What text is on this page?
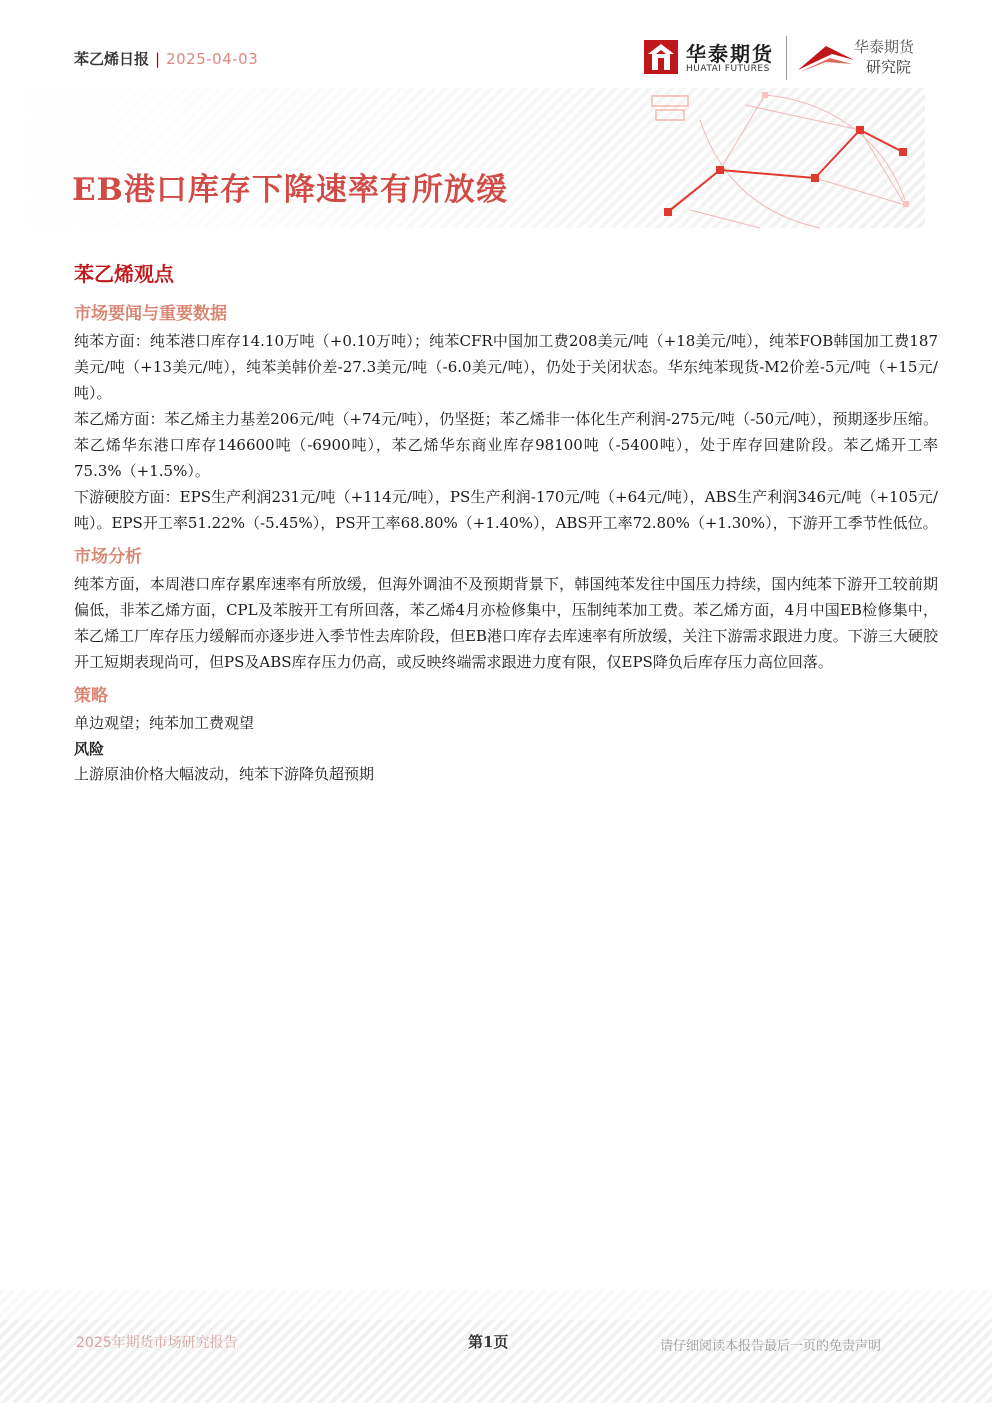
苯乙烯日报 | 2025-04-03	华泰期货
HUATAI FUTURES
华泰期货
研究院
EB港口库存下降速率有所放缓
苯乙烯观点
市场要闻与重要数据

纯苯方面：纯苯港口库存14.10万吨（+0.10万吨）；纯苯CFR中国加工费208美元/吨（+18美元/吨），纯苯FOB韩国加工费187美元/吨（+13美元/吨），纯苯美韩价差-27.3美元/吨（-6.0美元/吨），仍处于关闭状态。华东纯苯现货-M2价差-5元/吨（+15元/吨）。

苯乙烯方面：苯乙烯主力基差206元/吨（+74元/吨），仍坚挺；苯乙烯非一体化生产利润-275元/吨（-50元/吨），预期逐步压缩。苯乙烯华东港口库存146600吨（-6900吨），苯乙烯华东商业库存98100吨（-5400吨），处于库存回建阶段。苯乙烯开工率75.3%（+1.5%）。

下游硬胶方面：EPS生产利润231元/吨（+114元/吨），PS生产利润-170元/吨（+64元/吨），ABS生产利润346元/吨（+105元/吨）。EPS开工率51.22%（-5.45%），PS开工率68.80%（+1.40%），ABS开工率72.80%（+1.30%），下游开工季节性低位。

市场分析

纯苯方面，本周港口库存累库速率有所放缓，但海外调油不及预期背景下，韩国纯苯发往中国压力持续，国内纯苯下游开工较前期偏低，非苯乙烯方面，CPL及苯胺开工有所回落，苯乙烯4月亦检修集中，压制纯苯加工费。苯乙烯方面，4月中国EB检修集中，苯乙烯工厂库存压力缓解而亦逐步进入季节性去库阶段，但EB港口库存去库速率有所放缓，关注下游需求跟进力度。下游三大硬胶开工短期表现尚可，但PS及ABS库存压力仍高，或反映终端需求跟进力度有限，仅EPS降负后库存压力高位回落。

策略

单边观望；纯苯加工费观望

风险

上游原油价格大幅波动，纯苯下游降负超预期

2025年期货市场研究报告	第1页	请仔细阅读本报告最后一页的免责声明
